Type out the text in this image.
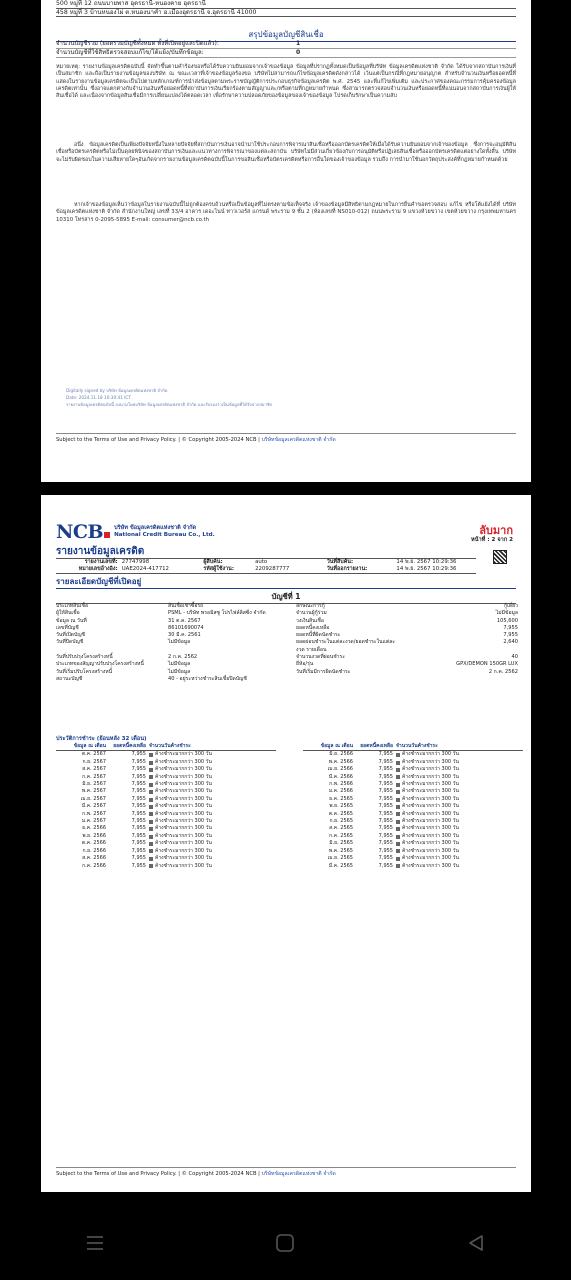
500 หมู่ที่ 12 ถนนบายพาส อุดรธานี-หนองคาย อุดรธานี
458 หมู่ที่ 3 บ้านหนองไผ่ ต.หนองนาคำ อ.เมืองอุดรธานี จ.อุดรธานี 41000
สรุปข้อมูลบัญชีสินเชื่อ
จำนวนบัญชีรวม (ยอดรวมบัญชีทั้งหมด ทั้งที่เปิดอยู่และปิดแล้ว):	1
จำนวนบัญชีที่ใช้สิทธิตรวจสอบแก้ไข/โต้แย้ง/บันทึกข้อมูล:	0
หมายเหตุ: รายงานข้อมูลเครดิตฉบับนี้ จัดทำขึ้นตามคำร้องขอหรือได้รับความยินยอมจากเจ้าของข้อมูล ข้อมูลที่ปรากฏทั้งหมดเป็นข้อมูลที่บริษัท ข้อมูลเครดิตแห่งชาติ จำกัด ได้รับจากสถาบันการเงินที่เป็นสมาชิก และถือเป็นรายงานข้อมูลของบริษัท ณ ขณะเวลาที่เจ้าของข้อมูลร้องขอ บริษัทไม่สามารถแก้ไขข้อมูลเครดิตดังกล่าวได้ เว้นแต่เป็นกรณีที่กฎหมายอนุญาต สำหรับจำนวนเงินหรือยอดหนี้ที่แสดงในรายงานข้อมูลเครดิตจะเป็นไปตามหลักเกณฑ์การนำส่งข้อมูลตามพระราชบัญญัติการประกอบธุรกิจข้อมูลเครดิต พ.ศ. 2545 และที่แก้ไขเพิ่มเติม และประกาศของคณะกรรมการคุ้มครองข้อมูลเครดิตเท่านั้น ซึ่งอาจแตกต่างกับจำนวนเงินหรือยอดหนี้ที่สถาบันการเงินเรียกร้องตามสัญญาและ/หรือตามที่กฎหมายกำหนด ซึ่งสามารถตรวจสอบจำนวนเงินหรือยอดหนี้ที่แน่นอนจากสถาบันการเงินผู้ให้สินเชื่อได้ และเนื่องจากข้อมูลสินเชื่อมีการเปลี่ยนแปลงได้ตลอดเวลา เพื่อรักษาความปลอดภัยของข้อมูลของเจ้าของข้อมูล โปรดเก็บรักษาเป็นความลับ
อนึ่ง ข้อมูลเครดิตเป็นเพียงปัจจัยหนึ่งในหลายปัจจัยที่สถาบันการเงินอาจนำมาใช้ประกอบการพิจารณาสินเชื่อหรือออกบัตรเครดิตให้เมื่อได้รับความยินยอมจากเจ้าของข้อมูล ซึ่งการจะอนุมัติสินเชื่อหรือบัตรเครดิตหรือไม่เป็นดุลยพินิจของสถาบันการเงินและแนวทางการพิจารณาของแต่ละสถาบัน บริษัทไม่มีส่วนเกี่ยวข้องกับการอนุมัติหรือปฏิเสธสินเชื่อหรือออกบัตรเครดิตแต่อย่างใดทั้งสิ้น บริษัทจะไม่รับผิดชอบในความเสียหายใดๆอันเกิดจากรายงานข้อมูลเครดิตฉบับนี้ในการขอสินเชื่อหรือบัตรเครดิตหรือการอื่นใดของเจ้าของข้อมูล รวมถึง การนำมาใช้นอกวัตถุประสงค์ที่กฎหมายกำหนดด้วย
หากเจ้าของข้อมูลเห็นว่าข้อมูลในรายงานฉบับนี้ไม่ถูกต้องครบถ้วนหรือเป็นข้อมูลที่ไม่ตรงตามข้อเท็จจริง เจ้าของข้อมูลมีสิทธิตามกฎหมายในการยื่นคำขอตรวจสอบ แก้ไข หรือโต้แย้งได้ที่ บริษัท ข้อมูลเครดิตแห่งชาติ จำกัด สำนักงานใหญ่ เลขที่ 33/4 อาคาร เดอะไนน์ ทาวเวอร์ส แกรนด์ พระราม 9 ชั้น 2 (ห้องเลขที่ NS010-012) ถนนพระราม 9 แขวงห้วยขวาง เขตห้วยขวาง กรุงเทพมหานคร 10310 โทรสาร 0-2095-5895 E-mail: consumer@ncb.co.th
Digitally signed by บริษัท ข้อมูลเครดิตแห่งชาติ จำกัด
Date: 2024.11.18 10:30:41 ICT
รายงานข้อมูลเครดิตฉบับนี้ ลงนามโดยบริษัท ข้อมูลเครดิตแห่งชาติ จำกัด และรับรองว่าเป็นข้อมูลที่ได้รับจากสมาชิก
Subject to the Terms of Use and Privacy Policy. | © Copyright 2005-2024 NCB | บริษัทข้อมูลเครดิตแห่งชาติ จำกัด
NCB บริษัท ข้อมูลเครดิตแห่งชาติ จำกัด
National Credit Bureau Co., Ltd.	ลับมาก
หน้าที่ : 2 จาก 2
รายงานข้อมูลเครดิต
รายงานเลขที่: 27747998	ผู้สืบค้น:	auto	วันที่สืบค้น:	14 พ.ย. 2567 10:29:36
หมายเลขอ้างอิง: UAE2024-417712	รหัสผู้ใช้งาน:	2209287777	วันที่ออกรายงาน:	14 พ.ย. 2567 10:29:36
รายละเอียดบัญชีที่เปิดอยู่
บัญชีที่ 1
ประเภทสินเชื่อ	สินเชื่อเช่าซื้อรถ	ลักษณะการกู้	กู้เดี่ยว
ผู้ให้สินเชื่อ	PSML - บริษัท พรอมิสซู โปรไฟล์ลิสซิ่ง จำกัด	จำนวนผู้กู้ร่วม	ไม่มีข้อมูล
ข้อมูล ณ วันที่	31 ต.ค. 2567	วงเงินสินเชื่อ	105,600
เลขที่บัญชี	86101690074	ยอดหนี้คงเหลือ	7,955
วันที่เปิดบัญชี	30 มี.ค. 2561	ยอดหนี้ที่ผิดนัดชำระ	7,955
วันที่ปิดบัญชี	ไม่มีข้อมูล	ยอดผ่อนชำระในแต่ละงวด/ยอดชำระในแต่ละงวด รายเดือน
2,640
วันที่ปรับปรุงโครงสร้างหนี้	2 ก.ค. 2562	จำนวนงวดที่ผ่อนชำระ	40
ประเภทของสัญญาปรับปรุงโครงสร้างหนี้	ไม่มีข้อมูล	ยี่ห้อ/รุ่น	GPX/DEMON 150GR LUX
วันที่เริ่มปรับโครงสร้างหนี้	ไม่มีข้อมูล	วันที่เริ่มมีการผิดนัดชำระ	2 ก.ค. 2562
สถานะบัญชี	40 - อยู่ระหว่างชำระสินเชื่อปิดบัญชี
ประวัติการชำระ (ย้อนหลัง 32 เดือน)
ข้อมูล ณ เดือน	ยอดหนี้คงเหลือ จำนวนวันค้างชำระ
ต.ค. 2567	7,955	ค้างชำระมากกว่า 300 วัน
ก.ย. 2567	7,955	ค้างชำระมากกว่า 300 วัน
ส.ค. 2567	7,955	ค้างชำระมากกว่า 300 วัน
ก.ค. 2567	7,955	ค้างชำระมากกว่า 300 วัน
มิ.ย. 2567	7,955	ค้างชำระมากกว่า 300 วัน
พ.ค. 2567	7,955	ค้างชำระมากกว่า 300 วัน
เม.ย. 2567	7,955	ค้างชำระมากกว่า 300 วัน
มี.ค. 2567	7,955	ค้างชำระมากกว่า 300 วัน
ก.พ. 2567	7,955	ค้างชำระมากกว่า 300 วัน
ม.ค. 2567	7,955	ค้างชำระมากกว่า 300 วัน
ธ.ค. 2566	7,955	ค้างชำระมากกว่า 300 วัน
พ.ย. 2566	7,955	ค้างชำระมากกว่า 300 วัน
ต.ค. 2566	7,955	ค้างชำระมากกว่า 300 วัน
ก.ย. 2566	7,955	ค้างชำระมากกว่า 300 วัน
ส.ค. 2566	7,955	ค้างชำระมากกว่า 300 วัน
ก.ค. 2566	7,955	ค้างชำระมากกว่า 300 วัน
ข้อมูล ณ เดือน	ยอดหนี้คงเหลือ จำนวนวันค้างชำระ
มิ.ย. 2566	7,955	ค้างชำระมากกว่า 300 วัน
พ.ค. 2566	7,955	ค้างชำระมากกว่า 300 วัน
เม.ย. 2566	7,955	ค้างชำระมากกว่า 300 วัน
มี.ค. 2566	7,955	ค้างชำระมากกว่า 300 วัน
ก.พ. 2566	7,955	ค้างชำระมากกว่า 300 วัน
ม.ค. 2566	7,955	ค้างชำระมากกว่า 300 วัน
ธ.ค. 2565	7,955	ค้างชำระมากกว่า 300 วัน
พ.ย. 2565	7,955	ค้างชำระมากกว่า 300 วัน
ต.ค. 2565	7,955	ค้างชำระมากกว่า 300 วัน
ก.ย. 2565	7,955	ค้างชำระมากกว่า 300 วัน
ส.ค. 2565	7,955	ค้างชำระมากกว่า 300 วัน
ก.ค. 2565	7,955	ค้างชำระมากกว่า 300 วัน
มิ.ย. 2565	7,955	ค้างชำระมากกว่า 300 วัน
พ.ค. 2565	7,955	ค้างชำระมากกว่า 300 วัน
เม.ย. 2565	7,955	ค้างชำระมากกว่า 300 วัน
มี.ค. 2565	7,955	ค้างชำระมากกว่า 300 วัน
Subject to the Terms of Use and Privacy Policy. | © Copyright 2005-2024 NCB | บริษัทข้อมูลเครดิตแห่งชาติ จำกัด
